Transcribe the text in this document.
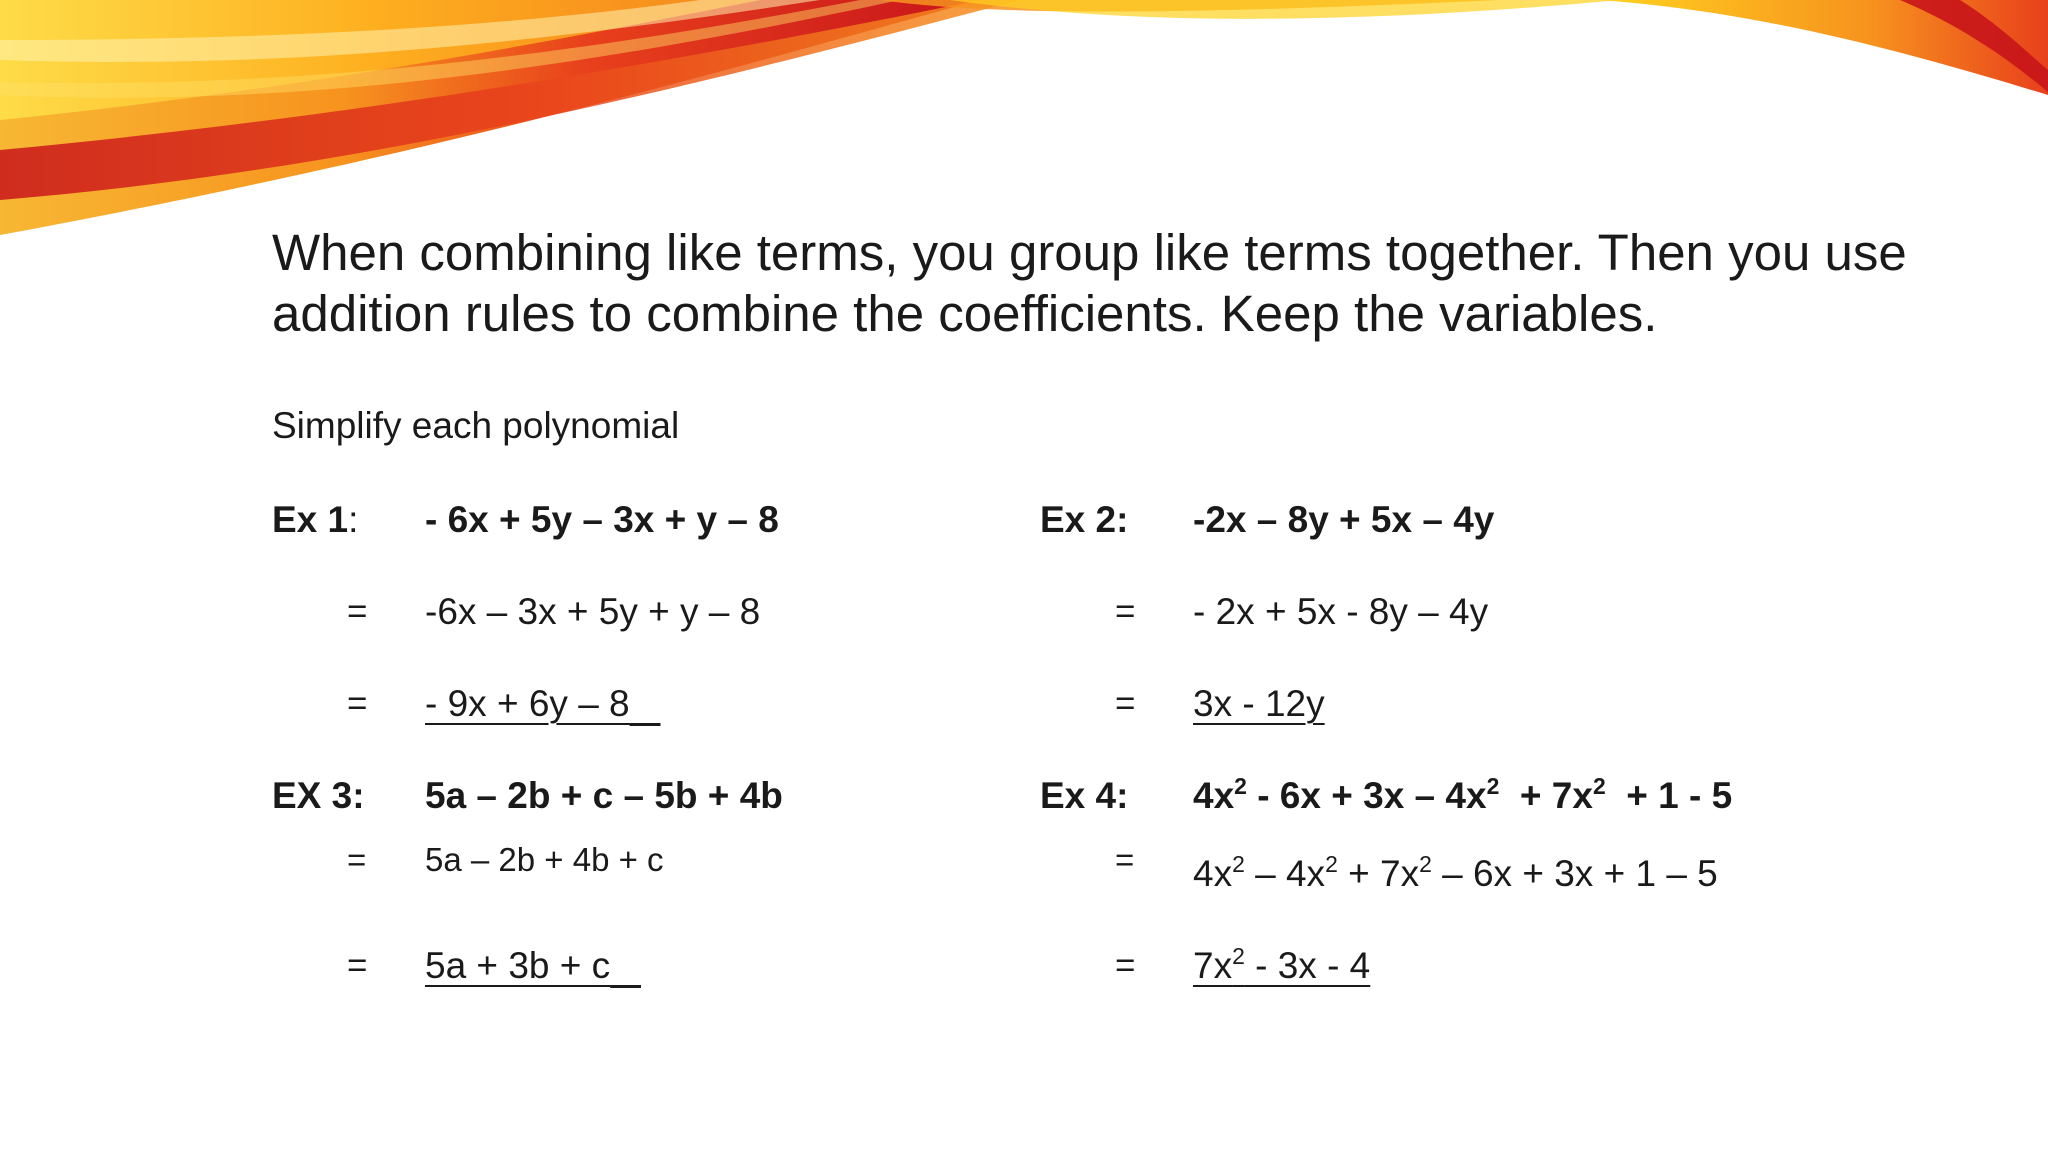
When combining like terms, you group like terms together. Then you use
addition rules to combine the coefficients. Keep the variables.
Simplify each polynomial
Ex 1: - 6x + 5y – 3x + y – 8
= -6x – 3x + 5y + y – 8
= - 9x + 6y – 8
Ex 2: -2x – 8y + 5x – 4y
= - 2x + 5x - 8y – 4y
= 3x - 12y
EX 3: 5a – 2b + c – 5b + 4b
= 5a – 2b + 4b + c
= 5a + 3b + c
Ex 4: $4x^2 - 6x + 3x - 4x^2 + 7x^2 + 1 - 5$
= $4x^2 - 4x^2 + 7x^2 - 6x + 3x + 1 - 5$
= $7x^2 - 3x - 4$
